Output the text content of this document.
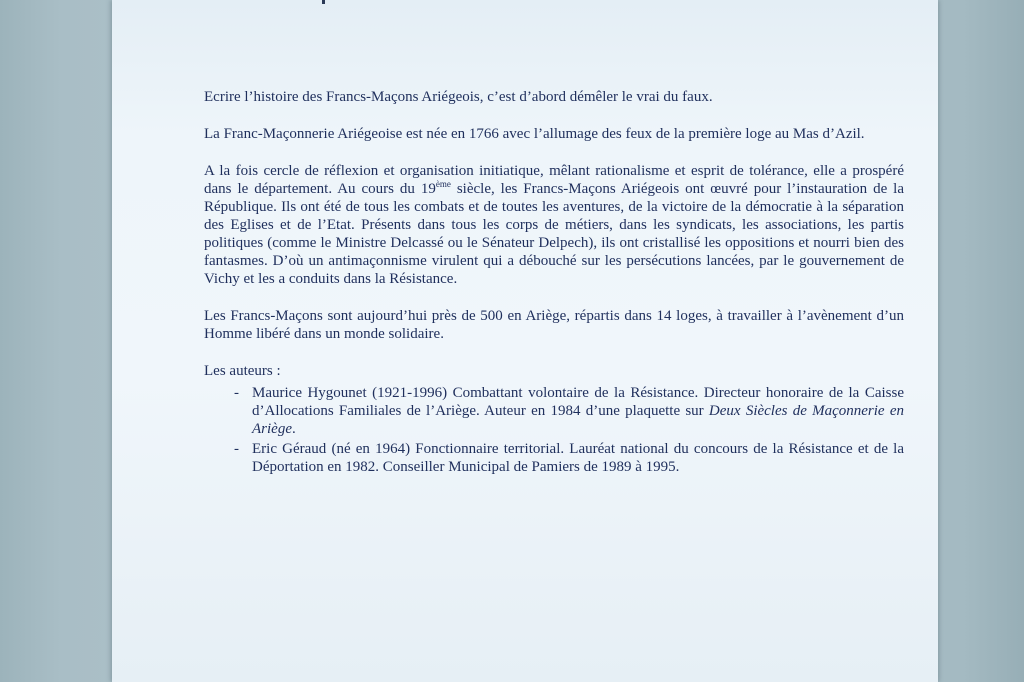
Ecrire l’histoire des Francs-Maçons Ariégeois, c’est d’abord démêler le vrai du faux.

La Franc-Maçonnerie Ariégeoise est née en 1766 avec l’allumage des feux de la première loge au Mas d’Azil.

A la fois cercle de réflexion et organisation initiatique, mêlant rationalisme et esprit de tolérance, elle a prospéré dans le département. Au cours du 19ème siècle, les Francs-Maçons Ariégeois ont œuvré pour l’instauration de la République. Ils ont été de tous les combats et de toutes les aventures, de la victoire de la démocratie à la séparation des Eglises et de l’Etat. Présents dans tous les corps de métiers, dans les syndicats, les associations, les partis politiques (comme le Ministre Delcassé ou le Sénateur Delpech), ils ont cristallisé les oppositions et nourri bien des fantasmes. D’où un antimaçonnisme virulent qui a débouché sur les persécutions lancées, par le gouvernement de Vichy et les a conduits dans la Résistance.

Les Francs-Maçons sont aujourd’hui près de 500 en Ariège, répartis dans 14 loges, à travailler à l’avènement d’un Homme libéré dans un monde solidaire.

Les auteurs :

- Maurice Hygounet (1921-1996) Combattant volontaire de la Résistance. Directeur honoraire de la Caisse d’Allocations Familiales de l’Ariège. Auteur en 1984 d’une plaquette sur Deux Siècles de Maçonnerie en Ariège.
- Eric Géraud (né en 1964) Fonctionnaire territorial. Lauréat national du concours de la Résistance et de la Déportation en 1982. Conseiller Municipal de Pamiers de 1989 à 1995.
